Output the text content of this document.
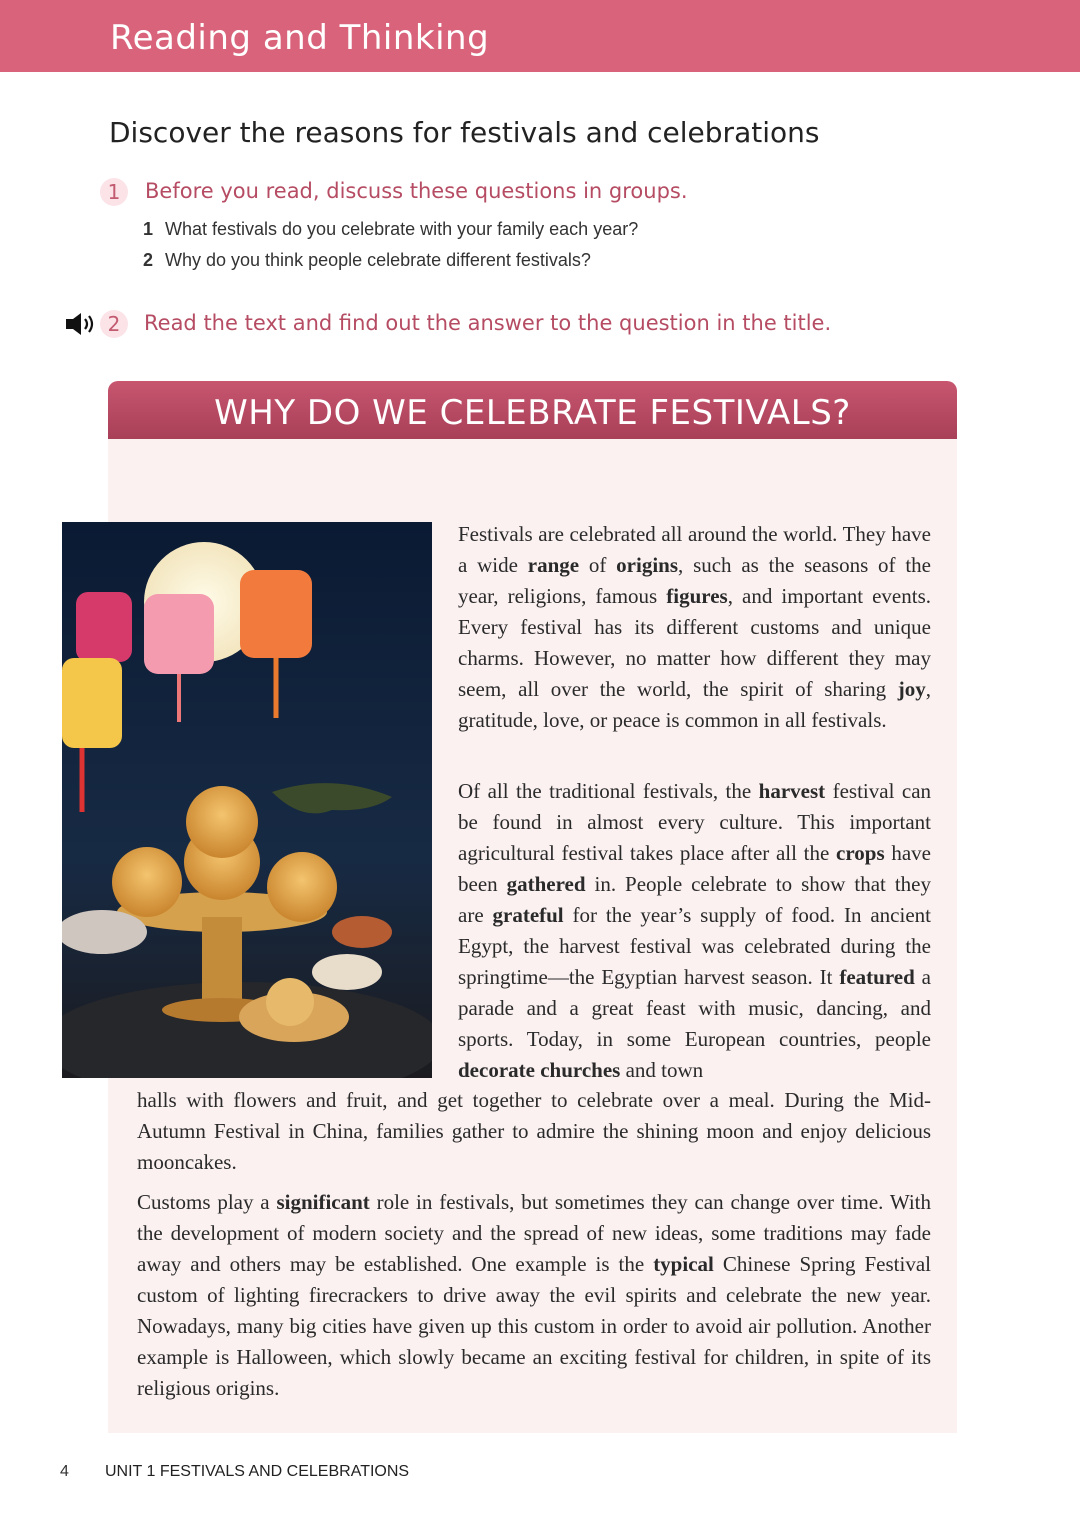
Reading and Thinking
Discover the reasons for festivals and celebrations
1	Before you read, discuss these questions in groups.
1 What festivals do you celebrate with your family each year?
2 Why do you think people celebrate different festivals?
2	Read the text and find out the answer to the question in the title.
WHY DO WE CELEBRATE FESTIVALS?
Festivals are celebrated all around the world. They have a wide range of origins, such as the seasons of the year, religions, famous figures, and important events. Every festival has its different customs and unique charms. However, no matter how different they may seem, all over the world, the spirit of sharing joy, gratitude, love, or peace is common in all festivals.
Of all the traditional festivals, the harvest festival can be found in almost every culture. This important agricultural festival takes place after all the crops have been gathered in. People celebrate to show that they are grateful for the year’s supply of food. In ancient Egypt, the harvest festival was celebrated during the springtime—the Egyptian harvest season. It featured a parade and a great feast with music, dancing, and sports. Today, in some European countries, people decorate churches and town
halls with flowers and fruit, and get together to celebrate over a meal. During the Mid-Autumn Festival in China, families gather to admire the shining moon and enjoy delicious mooncakes.
Customs play a significant role in festivals, but sometimes they can change over time. With the development of modern society and the spread of new ideas, some traditions may fade away and others may be established. One example is the typical Chinese Spring Festival custom of lighting firecrackers to drive away the evil spirits and celebrate the new year. Nowadays, many big cities have given up this custom in order to avoid air pollution. Another example is Halloween, which slowly became an exciting festival for children, in spite of its religious origins.
4 UNIT 1 FESTIVALS AND CELEBRATIONS
